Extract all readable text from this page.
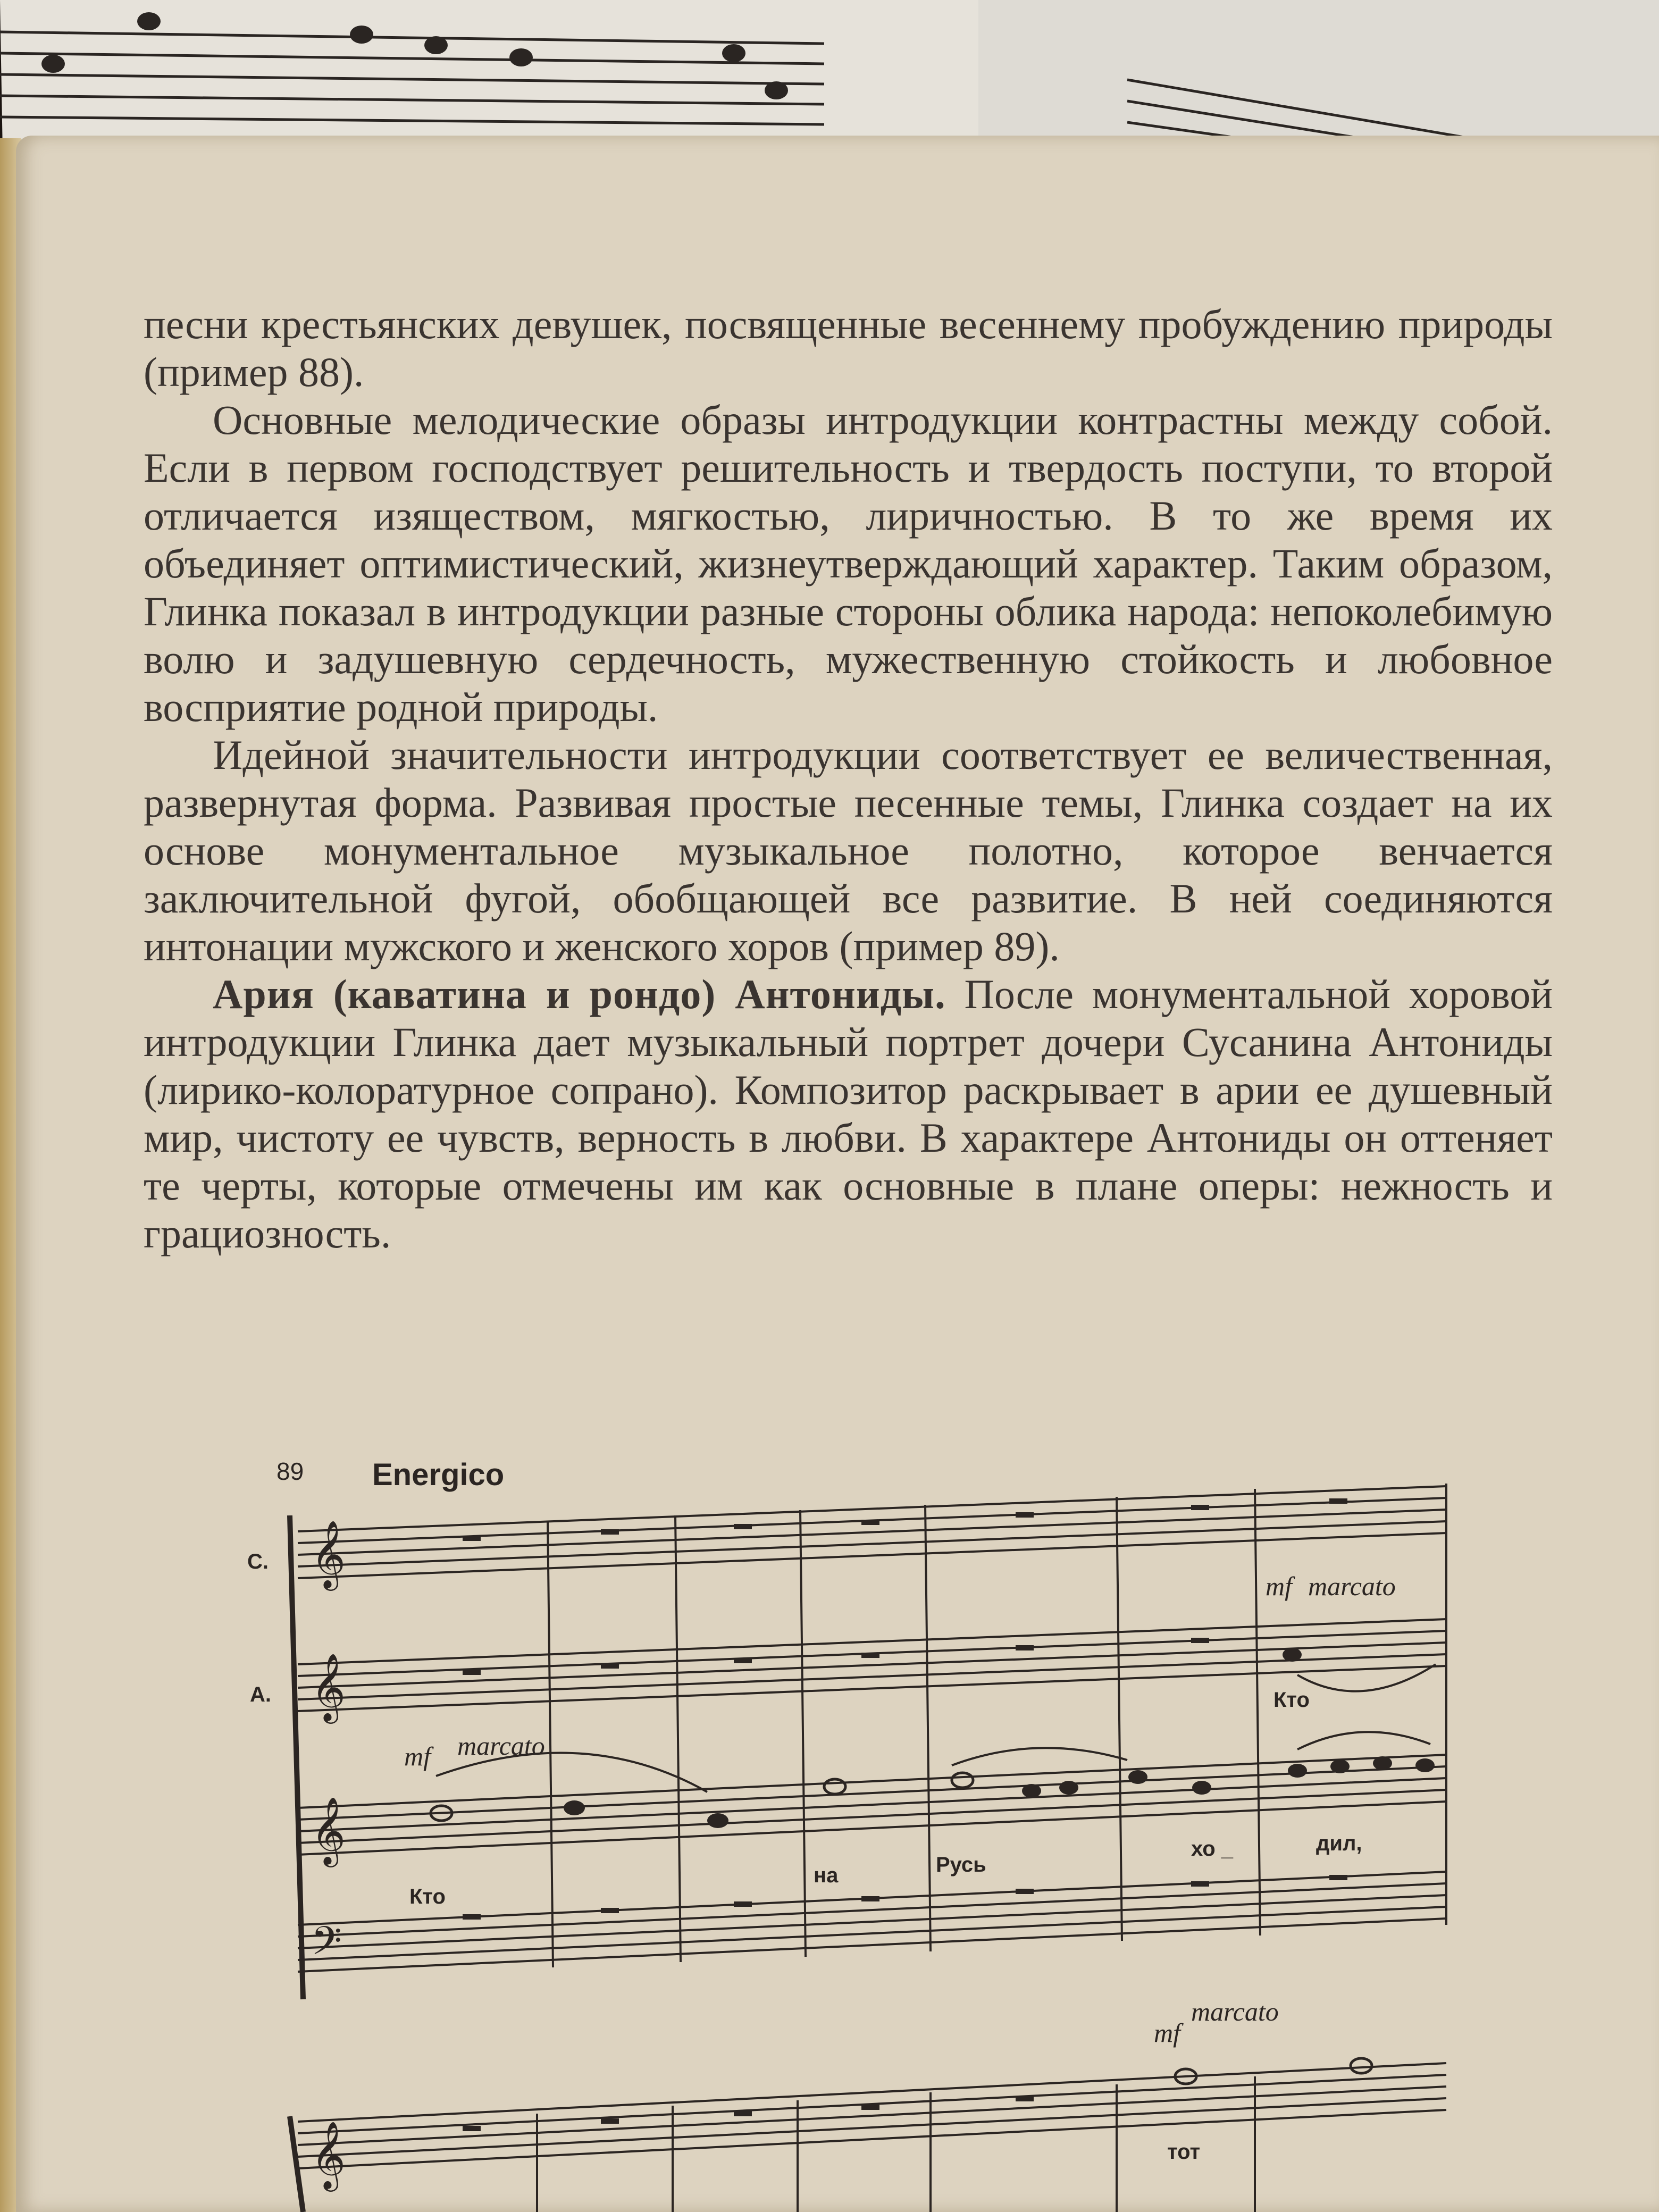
песни крестьянских девушек, посвященные весеннему пробуждению природы (пример 88).

Основные мелодические образы интродукции контрастны между собой. Если в первом господствует решительность и твердость поступи, то второй отличается изяществом, мягкостью, лиричностью. В то же время их объединяет оптимистический, жизнеутверждающий характер. Таким образом, Глинка показал в интродукции разные стороны облика народа: непоколебимую волю и задушевную сердечность, мужественную стойкость и любовное восприятие родной природы.

Идейной значительности интродукции соответствует ее величественная, развернутая форма. Развивая простые песенные темы, Глинка создает на их основе монументальное музыкальное полотно, которое венчается заключительной фугой, обобщающей все развитие. В ней соединяются интонации мужского и женского хоров (пример 89).

Ария (каватина и рондо) Антониды. После монументальной хоровой интродукции Глинка дает музыкальный портрет дочери Сусанина Антониды (лирико-колоратурное сопрано). Композитор раскрывает в арии ее душевный мир, чистоту ее чувств, верность в любви. В характере Антониды он оттеняет те черты, которые отмечены им как основные в плане оперы: нежность и грациозность.

89 Energico
𝄞
𝄞
𝄞
𝄢
С.
А.
mf marcato
mf marcato
mf
marcato
Кто
Кто
на	Русь
хо _	дил,
𝄞	тот
